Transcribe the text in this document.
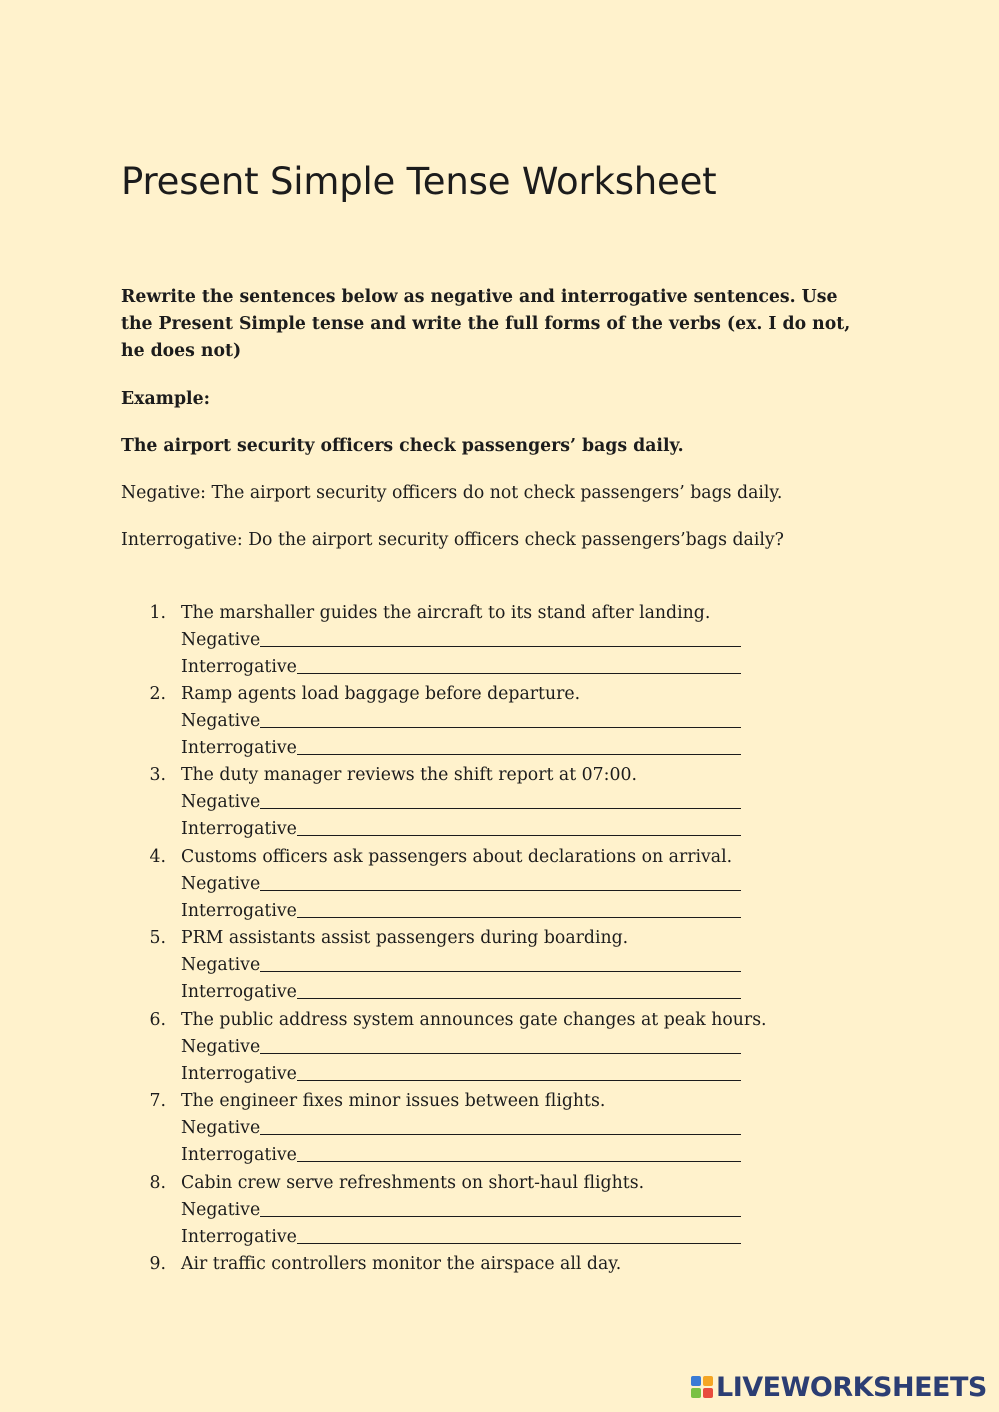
Present Simple Tense Worksheet

Rewrite the sentences below as negative and interrogative sentences. Use the Present Simple tense and write the full forms of the verbs (ex. I do not, he does not)

Example:

The airport security officers check passengers’ bags daily.

Negative: The airport security officers do not check passengers’ bags daily.

Interrogative: Do the airport security officers check passengers’bags daily?

1. The marshaller guides the aircraft to its stand after landing.
Negative
Interrogative
2. Ramp agents load baggage before departure.
Negative
Interrogative
3. The duty manager reviews the shift report at 07:00.
Negative
Interrogative
4. Customs officers ask passengers about declarations on arrival.
Negative
Interrogative
5. PRM assistants assist passengers during boarding.
Negative
Interrogative
6. The public address system announces gate changes at peak hours.
Negative
Interrogative
7. The engineer fixes minor issues between flights.
Negative
Interrogative
8. Cabin crew serve refreshments on short-haul flights.
Negative
Interrogative
9. Air traffic controllers monitor the airspace all day.
LIVEWORKSHEETS
